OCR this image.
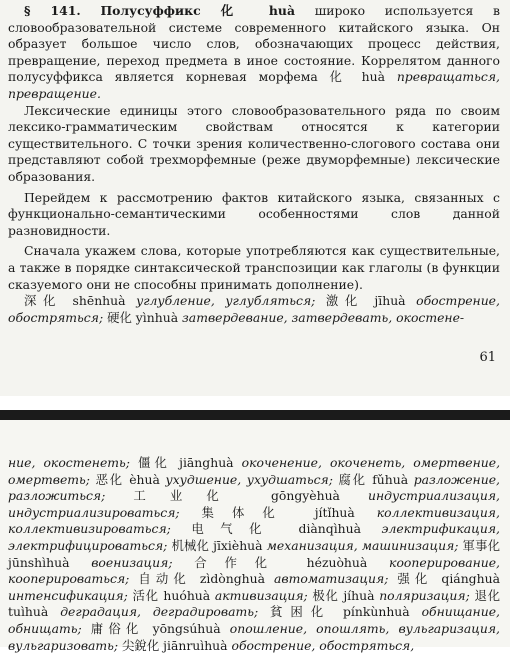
§ 141. Полусуффикс 化 huà широко используется в словообразовательной системе современного китайского языка. Он образует большое число слов, обозначающих процесс действия, превращение, переход предмета в иное состояние. Коррелятом данного полусуффикса является корневая морфема 化 huà превращаться, превращение.

Лексические единицы этого словообразовательного ряда по своим лексико-грамматическим свойствам относятся к категории существительного. С точки зрения количественно-слогового состава они представляют собой трехморфемные (реже двуморфемные) лексические образования.

Перейдем к рассмотрению фактов китайского языка, связанных с функционально-семантическими особенностями слов данной разновидности.

Сначала укажем слова, которые употребляются как существительные, а также в порядке синтаксической транспозиции как глаголы (в функции сказуемого они не способны принимать дополнение).

深化 shēnhuà углубление, углубляться; 激化 jīhuà обострение, обостряться; 硬化 yìnhuà затвердевание, затвердевать, окостене-

61

ние, окостенеть; 僵化 jiānghuà окоченение, окоченеть, омертвение, омертветь; 恶化 èhuà ухудшение, ухудшаться; 腐化 fǔhuà разложение, разложиться; 工业化 gōngyèhuà индустриализация, индустриализироваться; 集体化 jítǐhuà коллективизация, коллективизироваться; 电气化 diànqìhuà электрификация, электрифицироваться; 机械化 jīxièhuà механизация, машинизация; 軍事化 jūnshìhuà военизация; 合作化 hézuòhuà кооперирование, кооперироваться; 自动化 zìdònghuà автоматизация; 强化 qiánghuà интенсификация; 活化 huóhuà активизация; 极化 jíhuà поляризация; 退化 tuìhuà деградация, деградировать; 貧困化 pínkùnhuà обнищание, обнищать; 庸俗化 yōngsúhuà опошление, опошлять, вульгаризация, вульгаризовать; 尖銳化 jiānruìhuà обострение, обостряться,
